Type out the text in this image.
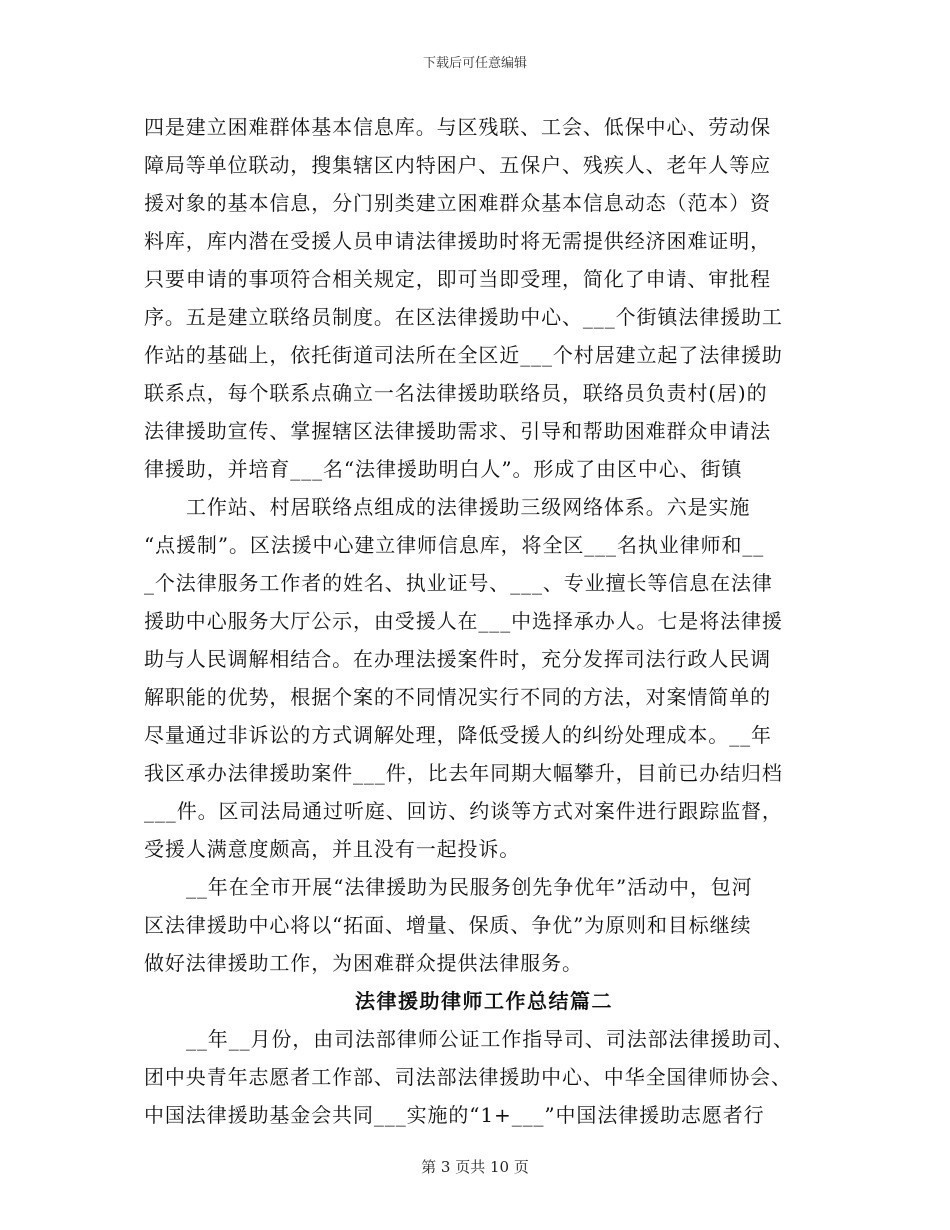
下载后可任意编辑
四是建立困难群体基本信息库。与区残联、工会、低保中心、劳动保
障局等单位联动，搜集辖区内特困户、五保户、残疾人、老年人等应
援对象的基本信息，分门别类建立困难群众基本信息动态（范本）资
料库，库内潜在受援人员申请法律援助时将无需提供经济困难证明，
只要申请的事项符合相关规定，即可当即受理，简化了申请、审批程
序。五是建立联络员制度。在区法律援助中心、___个街镇法律援助工
作站的基础上，依托街道司法所在全区近___个村居建立起了法律援助
联系点，每个联系点确立一名法律援助联络员，联络员负责村(居)的
法律援助宣传、掌握辖区法律援助需求、引导和帮助困难群众申请法
律援助，并培育___名“法律援助明白人”。形成了由区中心、街镇
工作站、村居联络点组成的法律援助三级网络体系。六是实施
“点援制”。区法援中心建立律师信息库，将全区___名执业律师和__
_个法律服务工作者的姓名、执业证号、___、专业擅长等信息在法律
援助中心服务大厅公示，由受援人在___中选择承办人。七是将法律援
助与人民调解相结合。在办理法援案件时，充分发挥司法行政人民调
解职能的优势，根据个案的不同情况实行不同的方法，对案情简单的
尽量通过非诉讼的方式调解处理，降低受援人的纠纷处理成本。__年
我区承办法律援助案件___件，比去年同期大幅攀升，目前已办结归档
___件。区司法局通过听庭、回访、约谈等方式对案件进行跟踪监督，
受援人满意度颇高，并且没有一起投诉。
__年在全市开展“法律援助为民服务创先争优年”活动中，包河
区法律援助中心将以“拓面、增量、保质、争优”为原则和目标继续
做好法律援助工作，为困难群众提供法律服务。
法律援助律师工作总结篇二
__年__月份，由司法部律师公证工作指导司、司法部法律援助司、
团中央青年志愿者工作部、司法部法律援助中心、中华全国律师协会、
中国法律援助基金会共同___实施的“1+___”中国法律援助志愿者行
第 3 页共 10 页
